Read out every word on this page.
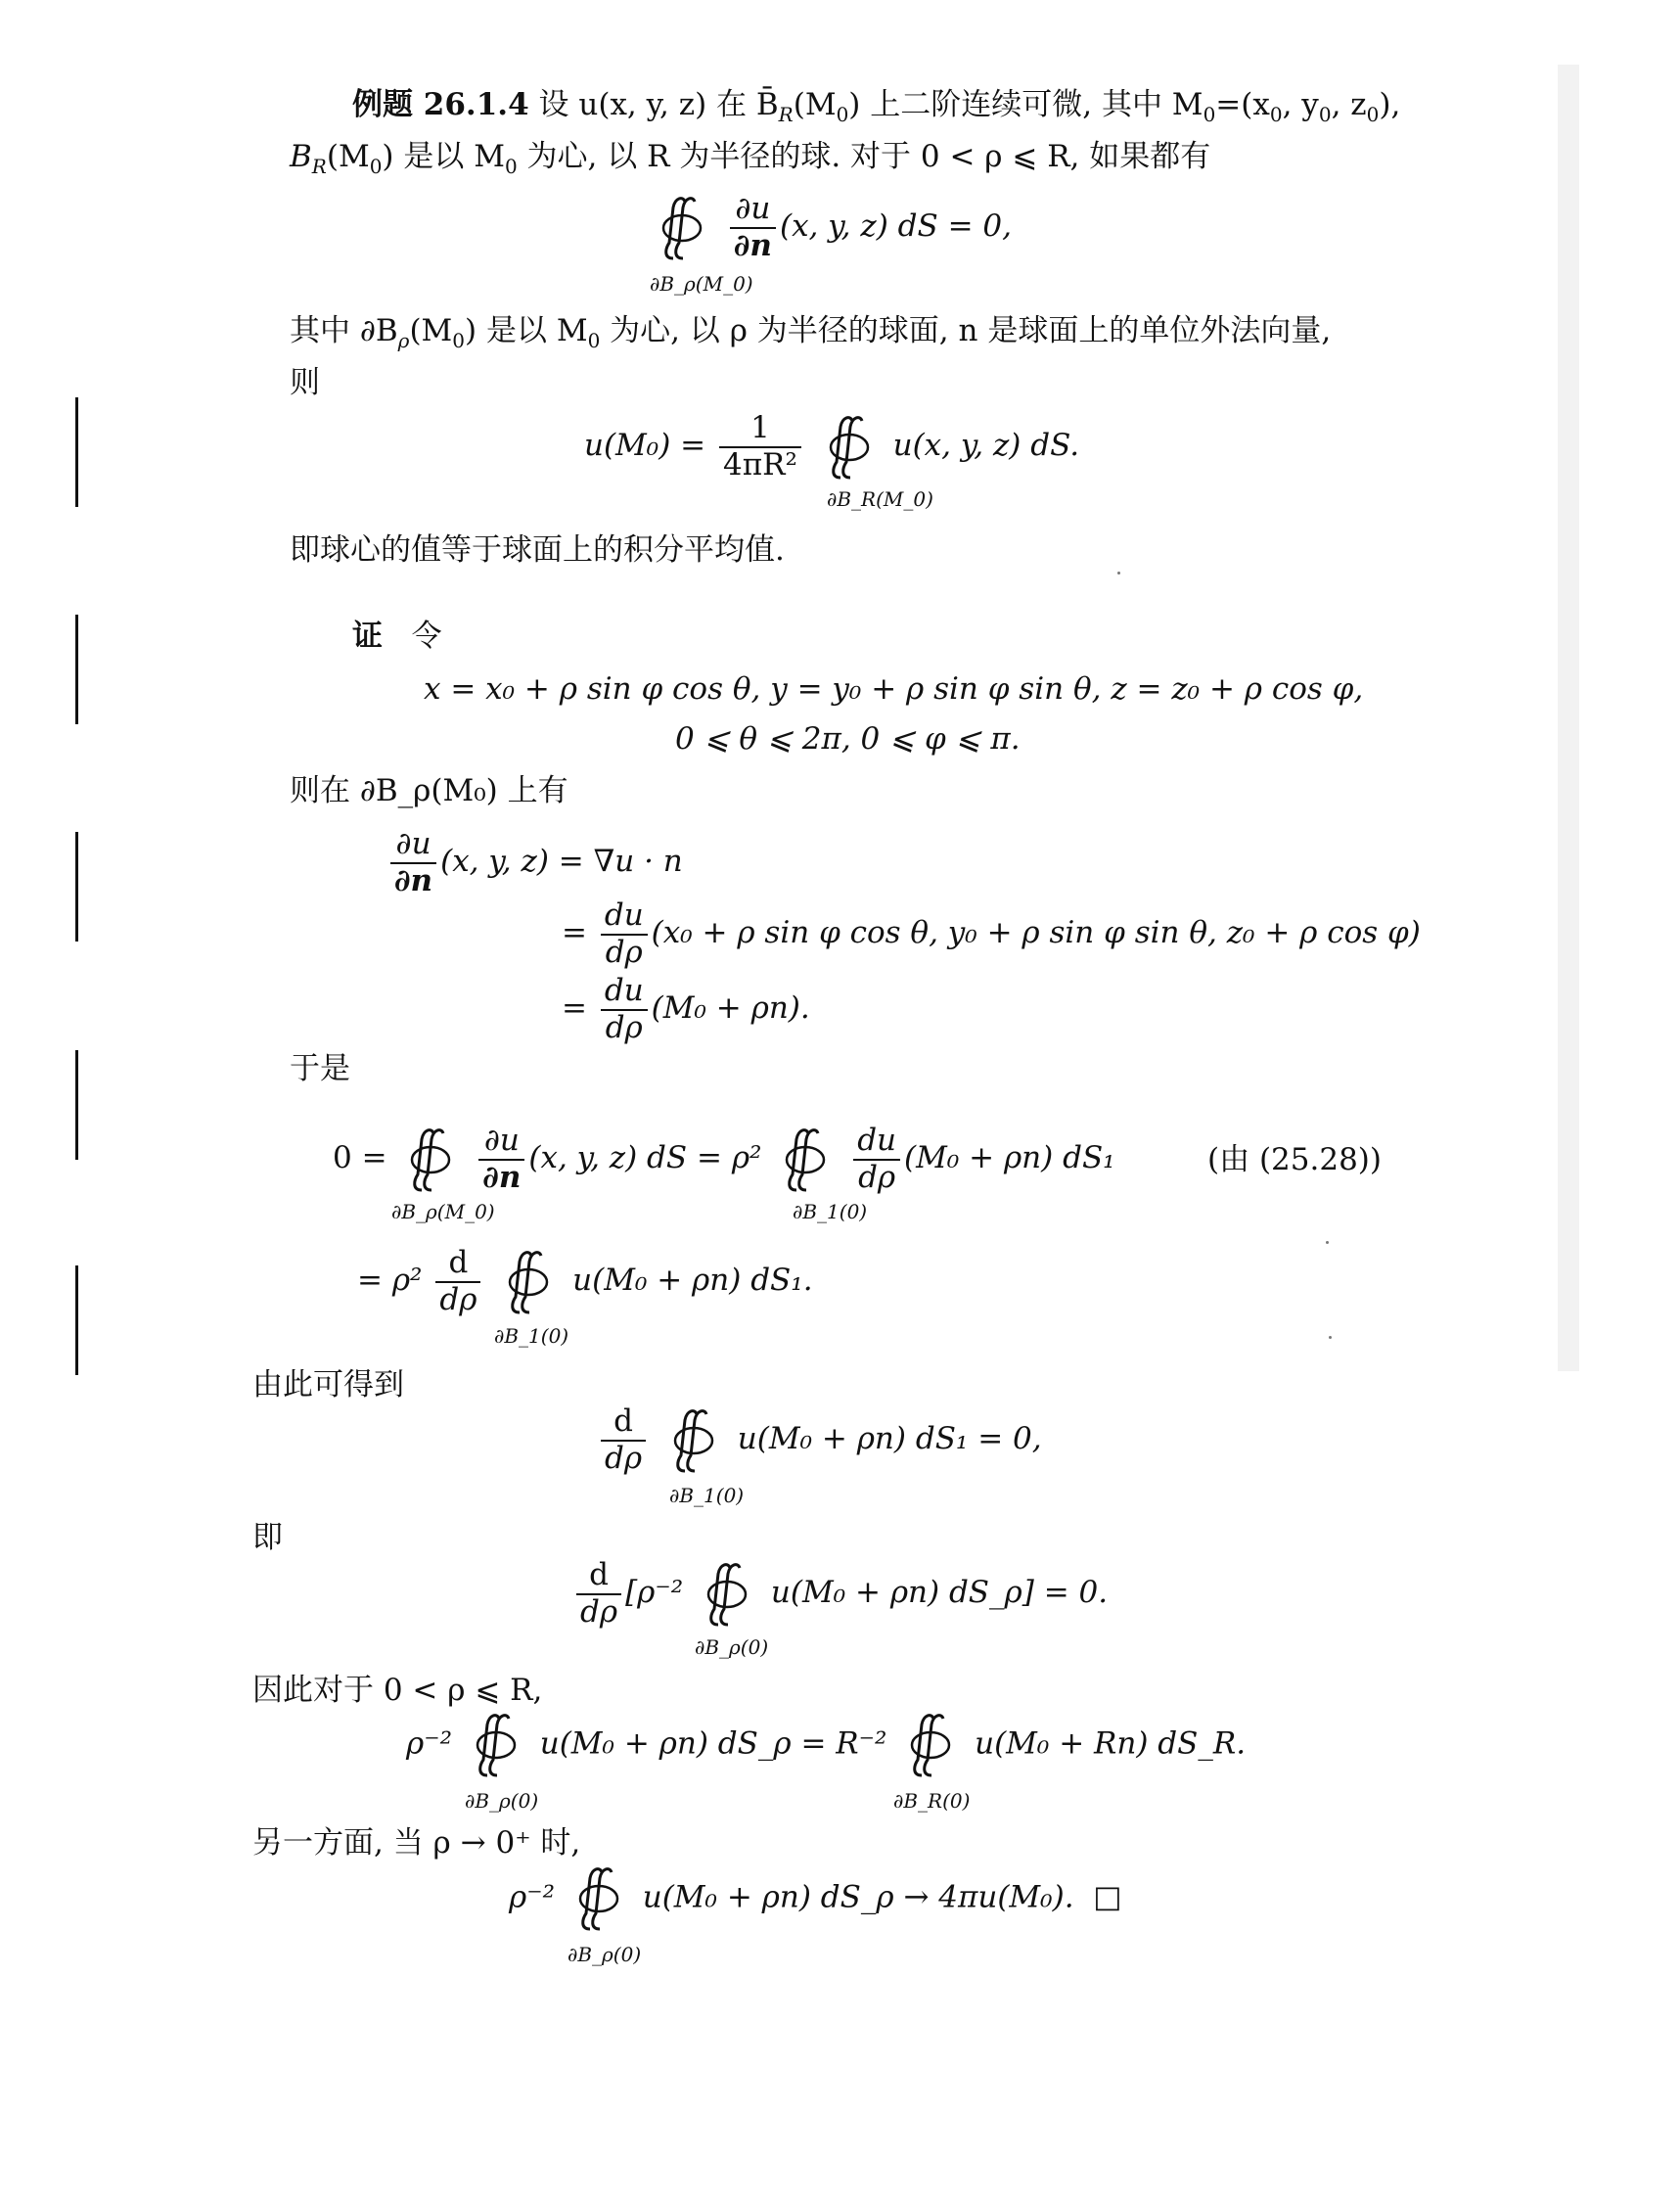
例题 26.1.4 设 u(x, y, z) 在 $B̄_R(M_0)$ 上二阶连续可微, 其中 $M_0=(x_0$, $y_0$, $z_0$),
$B_R(M_0)$ 是以 $M_0$ 为心, 以 R 为半径的球. 对于 0 < ρ ⩽ R, 如果都有

$\frac{\partial u}{\partial n} (x$, y, z) dS = 0,
∂B_ρ(M_0)
其中 $\partial B_\rho(M_0)$ 是以 $M_0$ 为心, 以 ρ 为半径的球面, n 是球面上的单位外法向量,
则
$u(M_0) = \frac{1}{\text{4πR²}}$	u(x, y, z) dS.
∂B_R(M_0)
即球心的值等于球面上的积分平均值.
证 令
x = x₀ + ρ sin φ cos θ, y = y₀ + ρ sin φ sin θ, z = z₀ + ρ cos φ,
0 ⩽ θ ⩽ 2π, 0 ⩽ φ ⩽ π.
则在 ∂B_ρ(M₀) 上有
$\frac{\partial u}{\partial n} (x$, y, z) = ∇u · n
= $\frac{du}{d\rho} (x_0 + \rho$ sin φ cos θ, y₀ + ρ sin φ sin θ, z₀ + ρ cos φ)
= $\frac{du}{d\rho} (M_0 + \rho n)$.
于是
0 =	$\frac{\partial u}{\partial n} (x$, y, z) dS = ρ²	$\frac{du}{d\rho} (M_0 + \rho n)$ dS₁	(由 (25.28))
∂B_ρ(M_0)	∂B_1(0)
= $\rho^2 \frac{d}{d\rho}$	u(M₀ + ρn) dS₁.
∂B_1(0)
由此可得到
$\frac{d}{d\rho}$	u(M₀ + ρn) dS₁ = 0,
∂B_1(0)
即
$\frac{d}{d\rho} [\rho^{-2}$	u(M₀ + ρn) dS_ρ] = 0.
∂B_ρ(0)
因此对于 0 < ρ ⩽ R,
ρ⁻²	u(M₀ + ρn) dS_ρ = R⁻²	u(M₀ + Rn) dS_R.
∂B_ρ(0)	∂B_R(0)
另一方面, 当 ρ → 0⁺ 时,
ρ⁻²	u(M₀ + ρn) dS_ρ → 4πu(M₀). □
∂B_ρ(0)
